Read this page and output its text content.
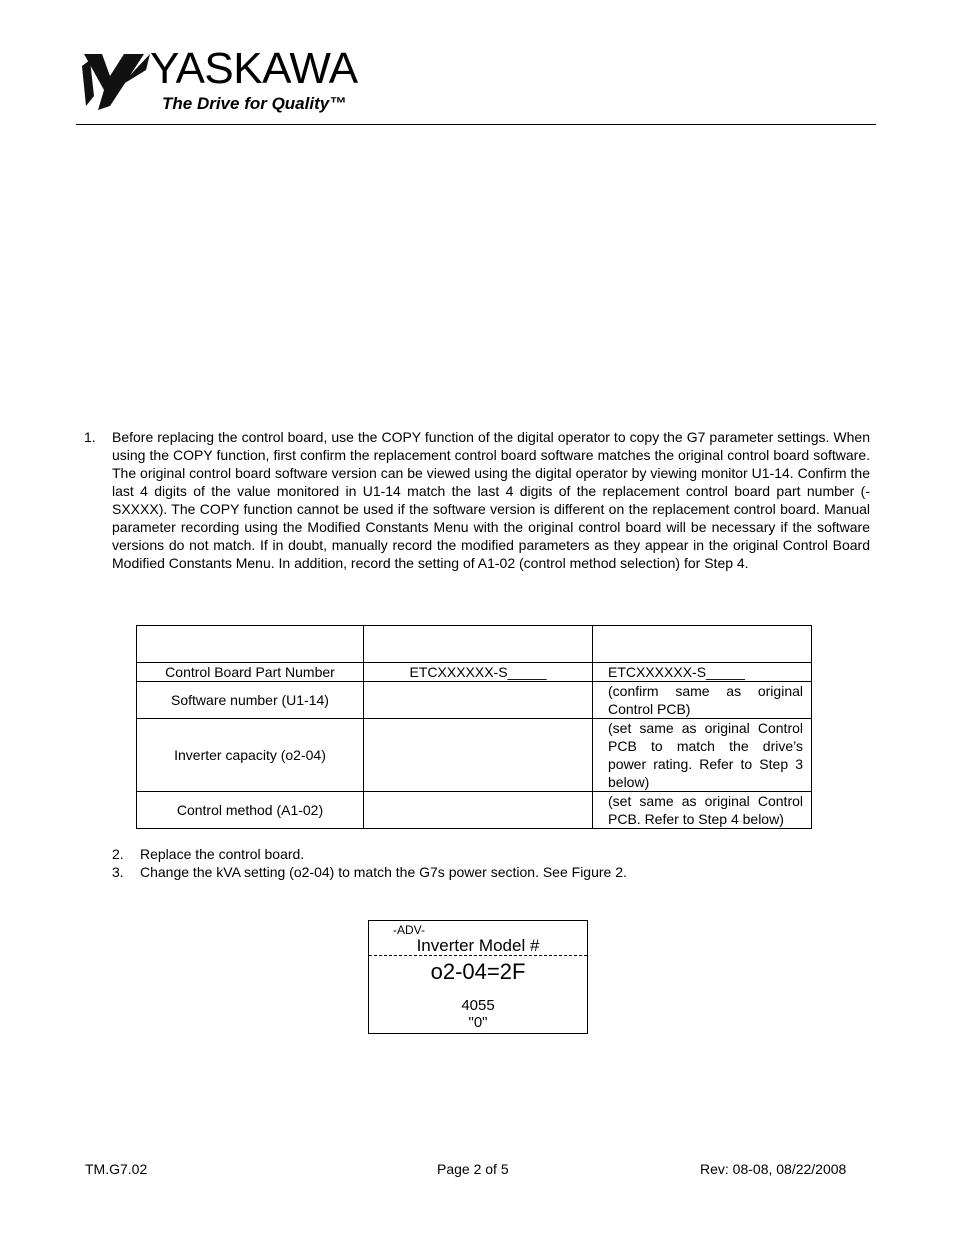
YASKAWA
The Drive for Quality™
1. Before replacing the control board, use the COPY function of the digital operator to copy the G7 parameter settings. When using the COPY function, first confirm the replacement control board software matches the original control board software. The original control board software version can be viewed using the digital operator by viewing monitor U1-14. Confirm the last 4 digits of the value monitored in U1-14 match the last 4 digits of the replacement control board part number (-SXXXX). The COPY function cannot be used if the software version is different on the replacement control board. Manual parameter recording using the Modified Constants Menu with the original control board will be necessary if the software versions do not match. If in doubt, manually record the modified parameters as they appear in the original Control Board Modified Constants Menu. In addition, record the setting of A1-02 (control method selection) for Step 4.

Control Board Part Number	ETCXXXXXX-S_____	ETCXXXXXX-S_____
Software number (U1-14)		(confirm same as original Control PCB)
Inverter capacity (o2-04)		(set same as original Control PCB to match the drive’s power rating. Refer to Step 3 below)
Control method (A1-02)		(set same as original Control PCB. Refer to Step 4 below)
2. Replace the control board.
3. Change the kVA setting (o2-04) to match the G7s power section. See Figure 2.
-ADV-
Inverter Model #
o2-04=2F
4055
"0"
TM.G7.02	Page 2 of 5	Rev: 08-08, 08/22/2008
